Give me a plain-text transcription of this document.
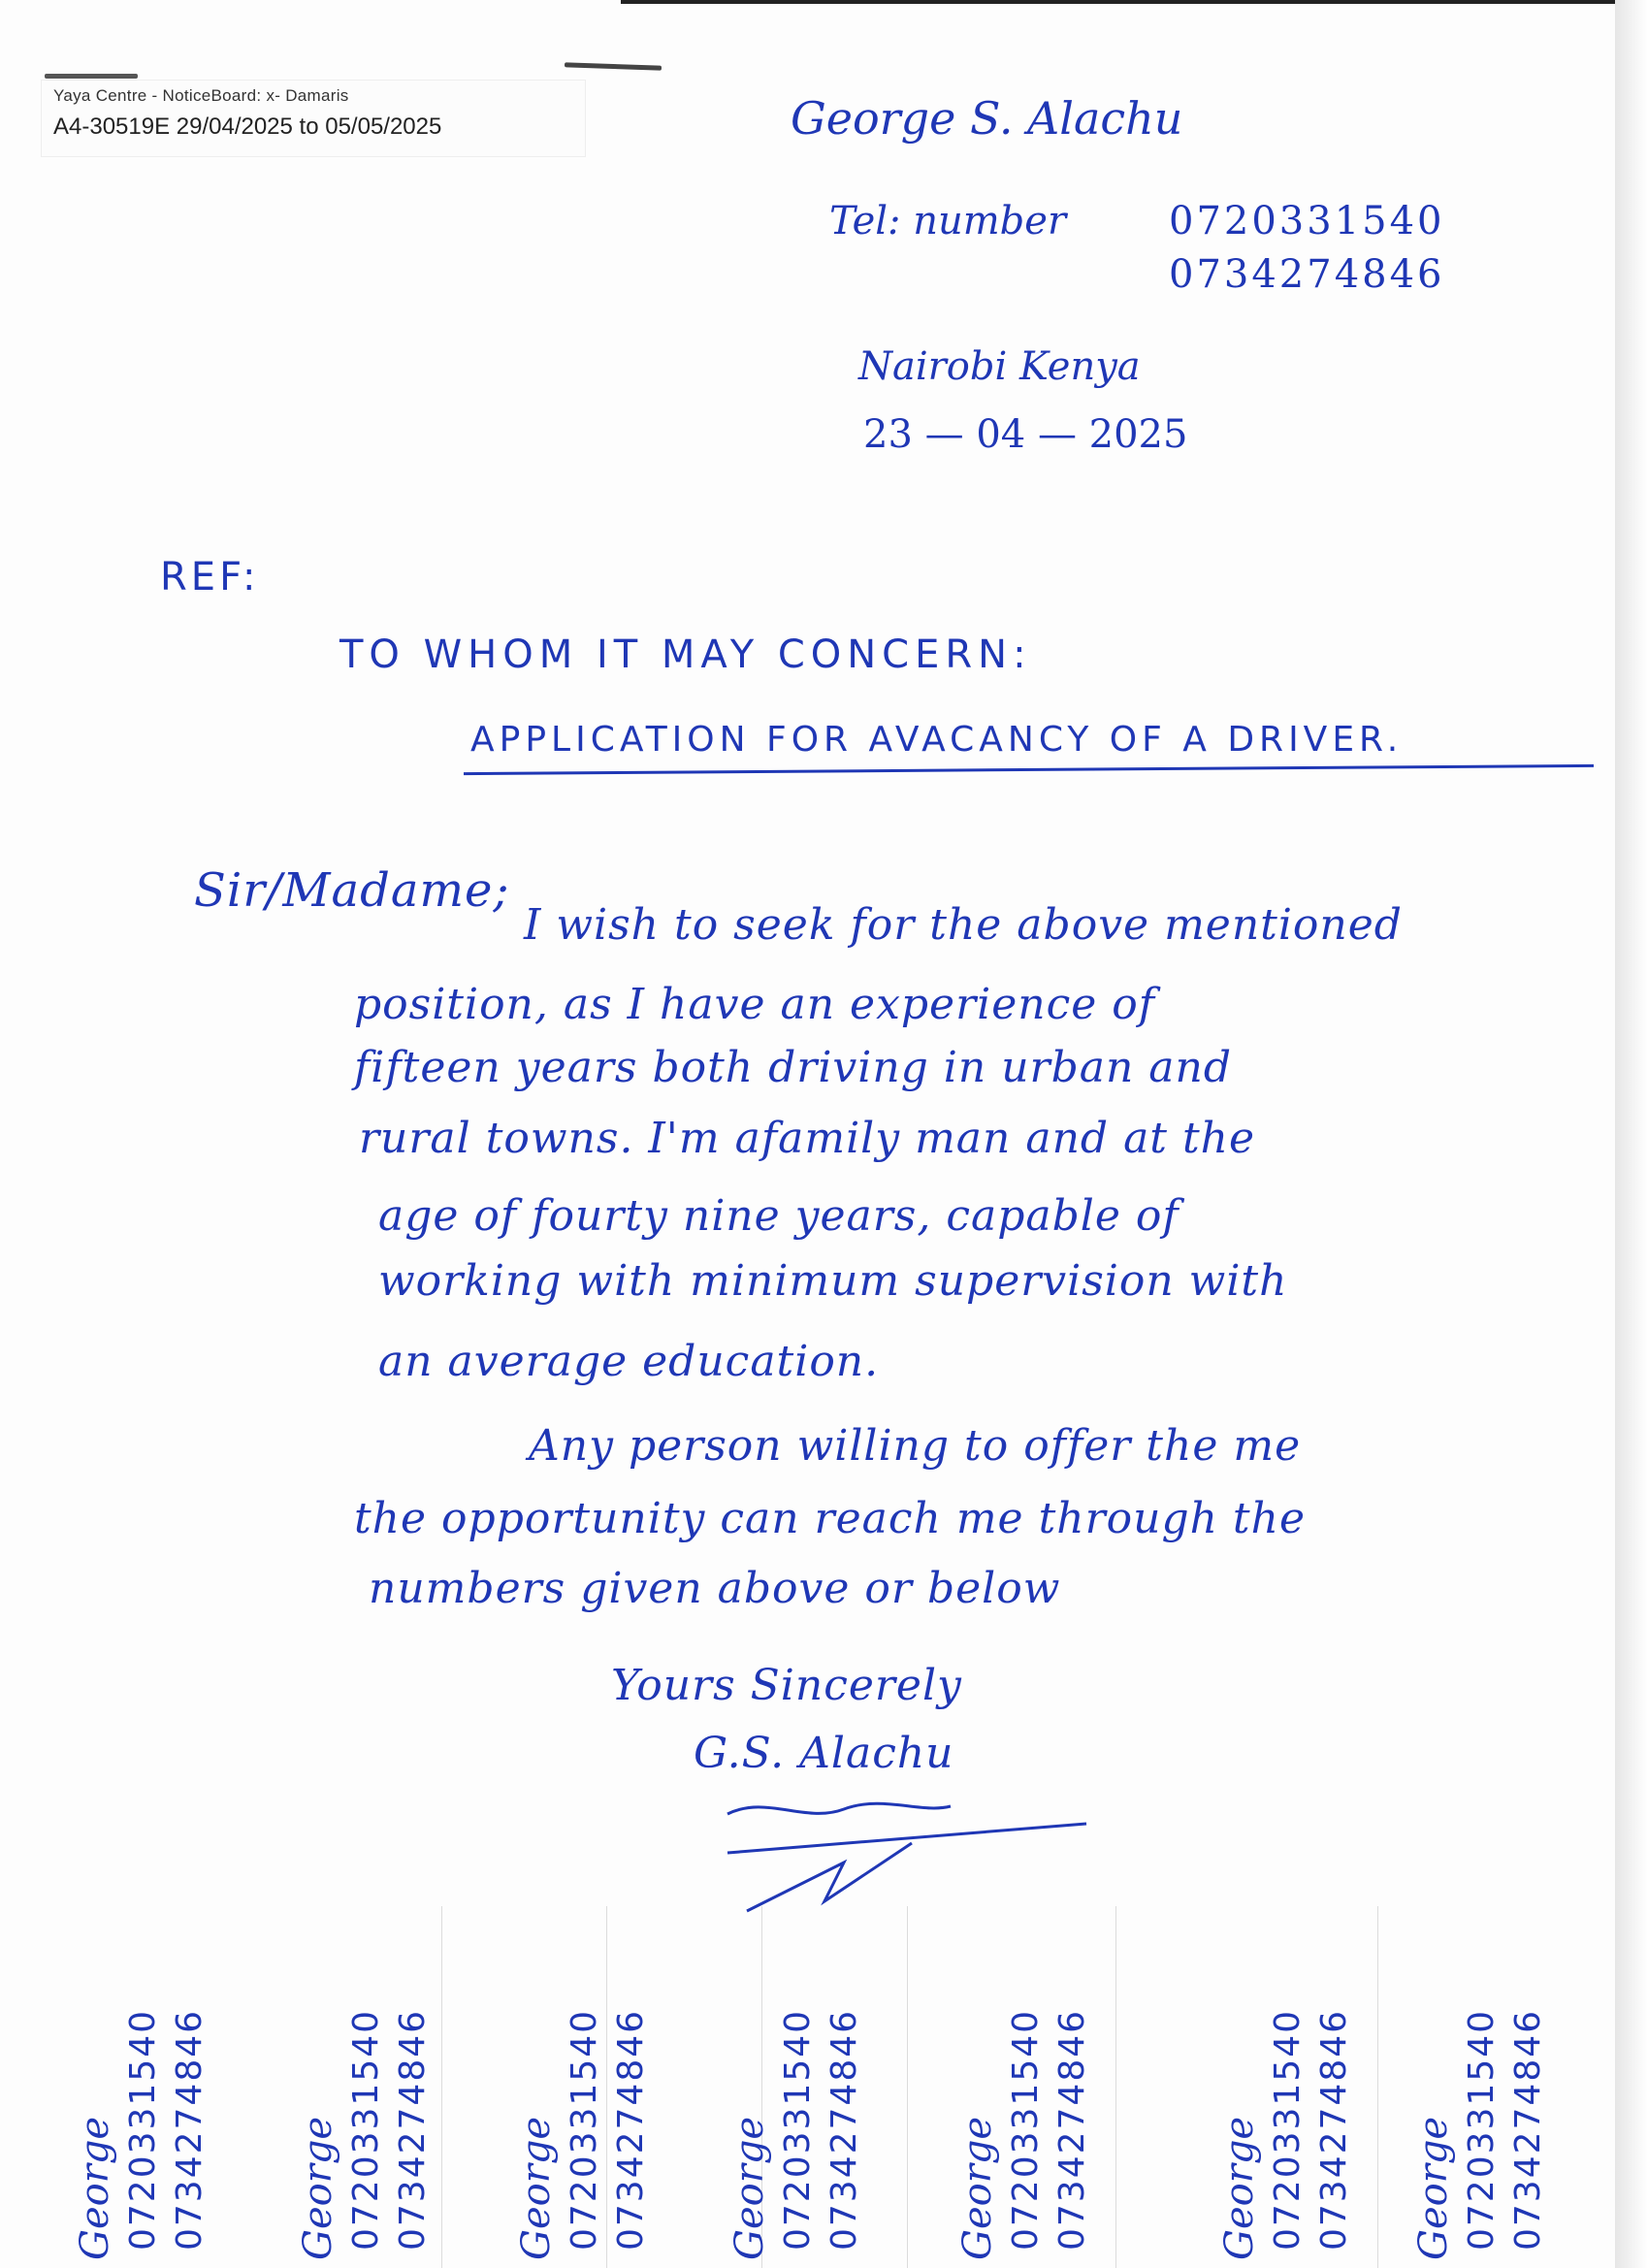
Yaya Centre - NoticeBoard: x- Damaris
A4-30519E 29/04/2025 to 05/05/2025	George S. Alachu
Tel: number	0720331540
0734274846
Nairobi Kenya
23 — 04 — 2025
REF:
TO WHOM IT MAY CONCERN:
APPLICATION FOR AVACANCY OF A DRIVER.
Sir/Madame;
I wish to seek for the above mentioned
position, as I have an experience of
fifteen years both driving in urban and
rural towns. I'm afamily man and at the
age of fourty nine years, capable of
working with minimum supervision with
an average education.
Any person willing to offer the me
the opportunity can reach me through the
numbers given above or below
Yours Sincerely
G.S. Alachu
George 0720331540 0734274846 George 0720331540 0734274846 George 0720331540 0734274846 George 0720331540 0734274846 George 0720331540 0734274846	George 0720331540 0734274846 George 0720331540 0734274846
